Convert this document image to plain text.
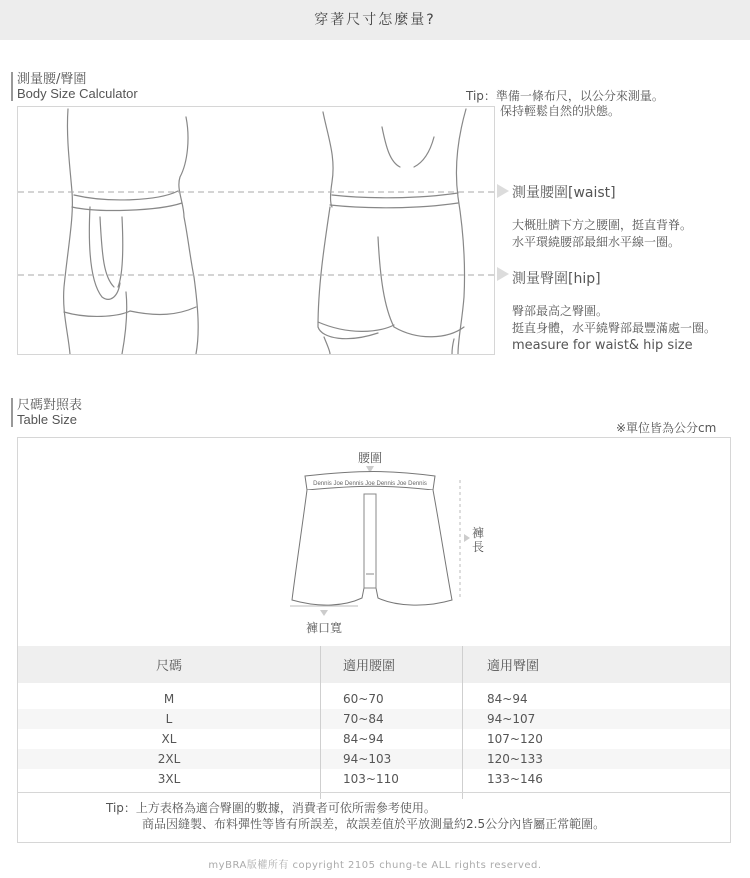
穿著尺寸怎麼量?
測量腰/臀圍
Body Size Calculator	Tip：準備一條布尺，以公分來測量。
保持輕鬆自然的狀態。
測量腰圍[waist]
大概肚臍下方之腰圍，挺直背脊。
水平環繞腰部最細水平線一圈。
測量臀圍[hip]
臀部最高之臀圍。
挺直身體，水平繞臀部最豐滿處一圈。
measure for waist& hip size
尺碼對照表
Table Size
※單位皆為公分cm
Dennis Joe Dennis Joe Dennis Joe Dennis
腰圍
褲長
褲口寬
尺碼	適用腰圍	適用臀圍

M	60~70	84~94
L	70~84	94~107
XL	84~94	107~120
2XL	94~103	120~133
3XL	103~110	133~146

Tip：上方表格為適合臀圍的數據，消費者可依所需參考使用。
商品因縫製、布料彈性等皆有所誤差，故誤差值於平放測量約2.5公分內皆屬正常範圍。
myBRA版權所有 copyright 2105 chung-te ALL rights reserved.
